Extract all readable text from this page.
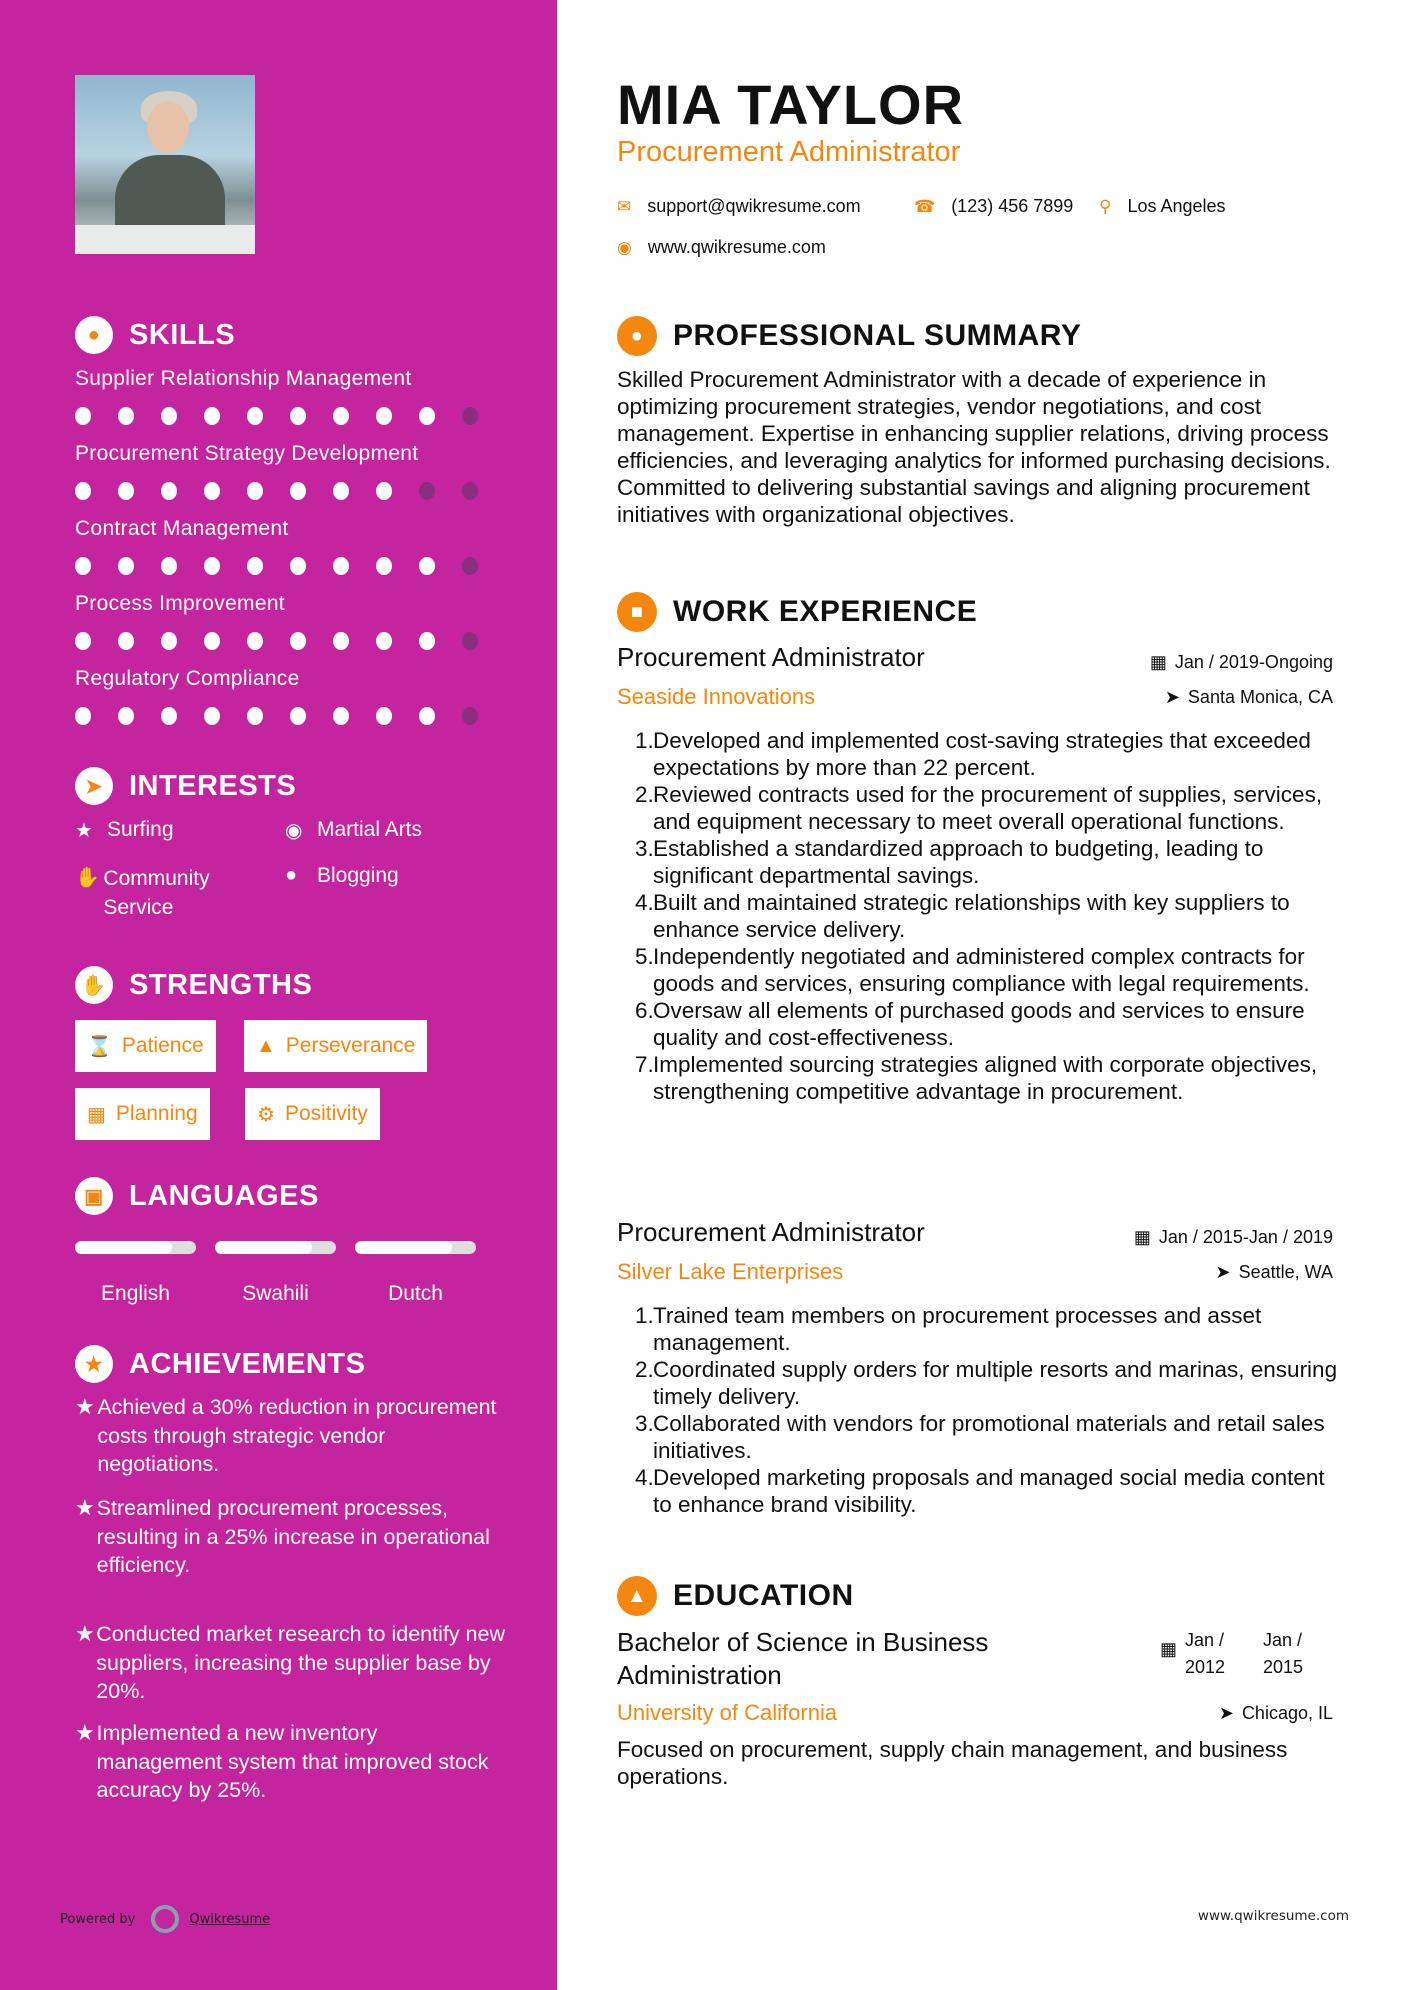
● SKILLS
Supplier Relationship Management
Procurement Strategy Development
Contract Management
Process Improvement
Regulatory Compliance
➤ INTERESTS
★ Surfing	◉ Martial Arts
✋ Community Service
● Blogging
✋ STRENGTHS
⌛ Patience	▲ Perseverance
▦ Planning	⚙ Positivity
▣ LANGUAGES
English	Swahili	Dutch
★ ACHIEVEMENTS
★ Achieved a 30% reduction in procurement costs through strategic vendor negotiations.
★ Streamlined procurement processes, resulting in a 25% increase in operational efficiency.
★ Conducted market research to identify new suppliers, increasing the supplier base by 20%.
★ Implemented a new inventory management system that improved stock accuracy by 25%.
Powered by	Qwikresume
MIA TAYLOR
Procurement Administrator
✉ support@qwikresume.com	☎ (123) 456 7899 ⚲ Los Angeles
◉ www.qwikresume.com
● PROFESSIONAL SUMMARY
Skilled Procurement Administrator with a decade of experience in optimizing procurement strategies, vendor negotiations, and cost management. Expertise in enhancing supplier relations, driving process efficiencies, and leveraging analytics for informed purchasing decisions. Committed to delivering substantial savings and aligning procurement initiatives with organizational objectives.
■ WORK EXPERIENCE
Procurement Administrator
Seaside Innovations
▦ Jan / 2019-Ongoing
➤ Santa Monica, CA
1. Developed and implemented cost-saving strategies that exceeded expectations by more than 22 percent.
2. Reviewed contracts used for the procurement of supplies, services, and equipment necessary to meet overall operational functions.
3. Established a standardized approach to budgeting, leading to significant departmental savings.
4. Built and maintained strategic relationships with key suppliers to enhance service delivery.
5. Independently negotiated and administered complex contracts for goods and services, ensuring compliance with legal requirements.
6. Oversaw all elements of purchased goods and services to ensure quality and cost-effectiveness.
7. Implemented sourcing strategies aligned with corporate objectives, strengthening competitive advantage in procurement.
Procurement Administrator
Silver Lake Enterprises
▦ Jan / 2015-Jan / 2019
➤ Seattle, WA
1. Trained team members on procurement processes and asset management.
2. Coordinated supply orders for multiple resorts and marinas, ensuring timely delivery.
3. Collaborated with vendors for promotional materials and retail sales initiatives.
4. Developed marketing proposals and managed social media content to enhance brand visibility.
▲ EDUCATION
Bachelor of Science in Business Administration
University of California
▦ Jan / 2012
Jan / 2015
➤ Chicago, IL
Focused on procurement, supply chain management, and business operations.
www.qwikresume.com
